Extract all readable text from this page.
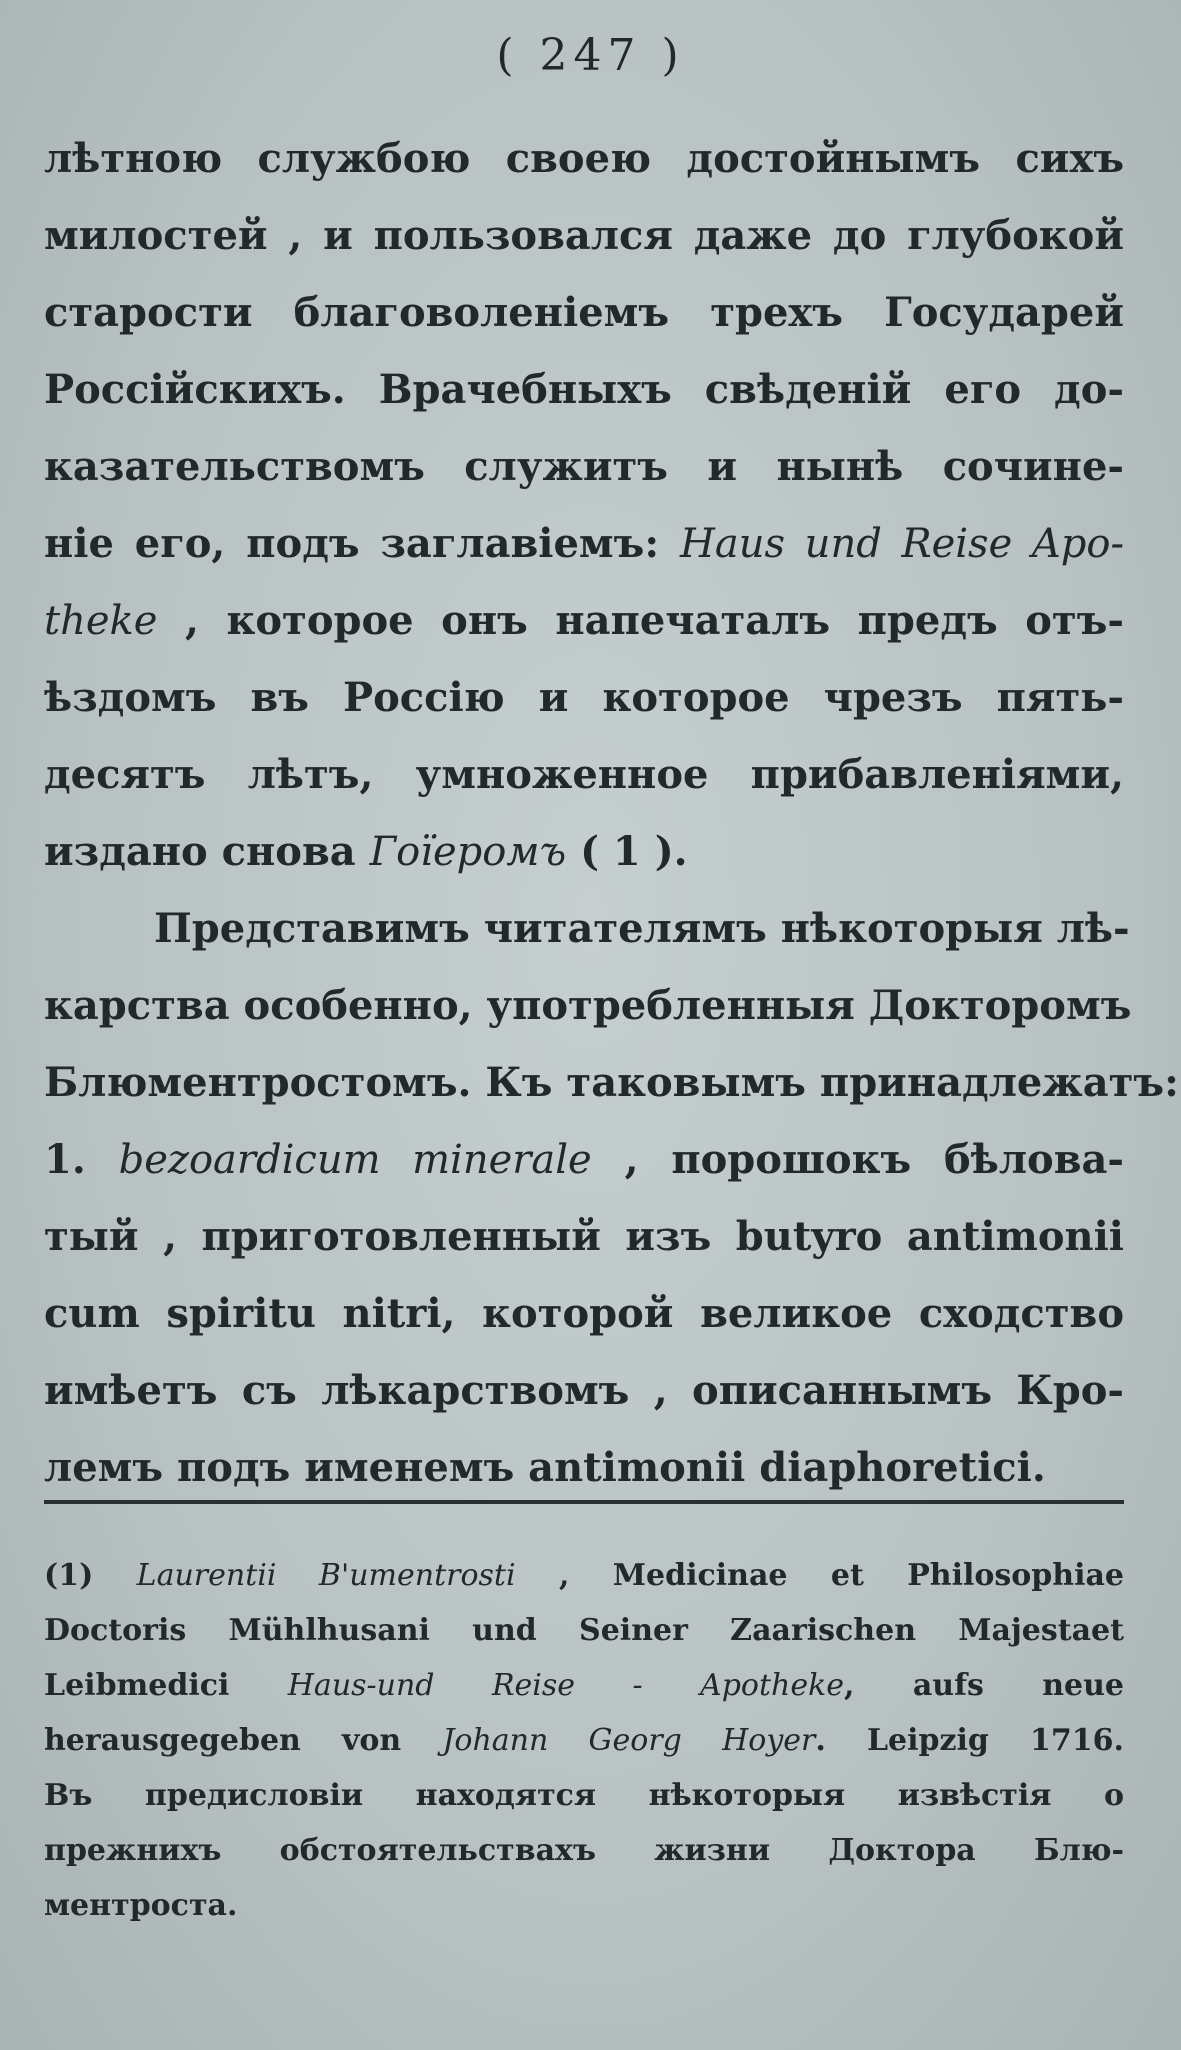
( 247 )
лѣтною службою своею достойнымъ сихъ
милостей , и пользовался даже до глубокой
старости благоволеніемъ трехъ Государей
Россійскихъ. Врачебныхъ свѣденій его до-
казательствомъ служитъ и нынѣ сочине-
ніе его, подъ заглавіемъ: Haus und Reise Apo-
theke , которое онъ напечаталъ предъ отъ-
ѣздомъ въ Россію и которое чрезъ пять-
десятъ лѣтъ, умноженное прибавленіями,
издано снова Гоїеромъ ( 1 ).
Представимъ читателямъ нѣкоторыя лѣ-
карства особенно, употребленныя Докторомъ
Блюментростомъ. Къ таковымъ принадлежатъ:
1. bezoardicum minerale , порошокъ бѣлова-
тый , приготовленный изъ butyro antimonii
cum spiritu nitri, которой великое сходство
имѣетъ съ лѣкарствомъ , описаннымъ Кро-
лемъ подъ именемъ antimonii diaphoretici.
(1) Laurentii B'umentrosti , Medicinae et Philosophiae
Doctoris Mühlhusani und Seiner Zaarischen Majestaet
Leibmedici Haus-und Reise - Apotheke, aufs neue
herausgegeben von Johann Georg Hoyer. Leipzig 1716.
Въ предисловіи находятся нѣкоторыя извѣстія о
прежнихъ обстоятельствахъ жизни Доктора Блю-
ментроста.
